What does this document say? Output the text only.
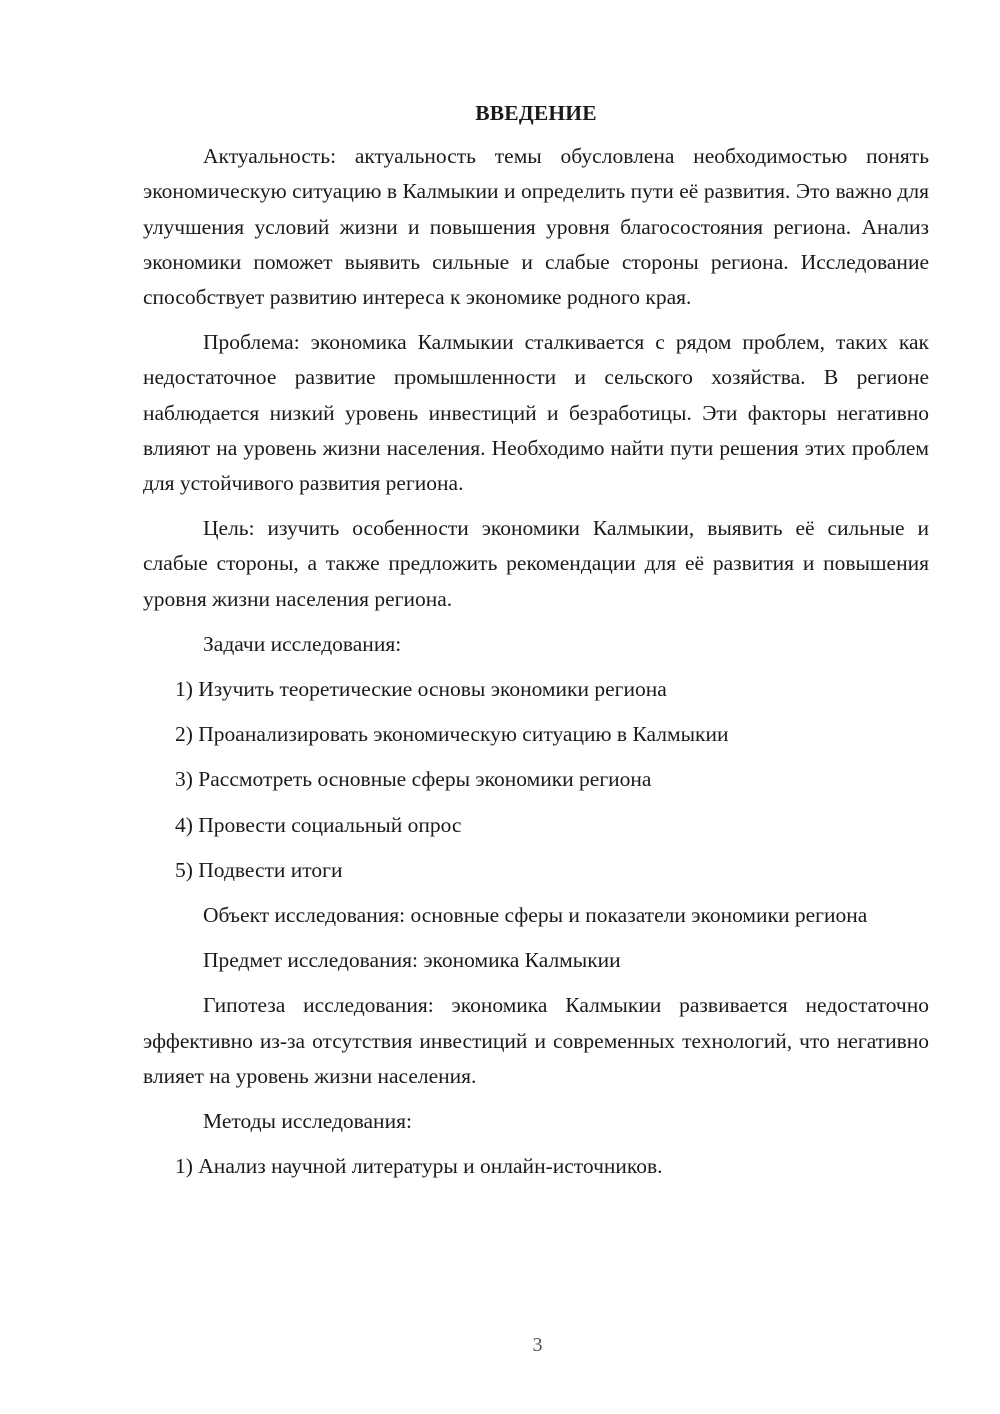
ВВЕДЕНИЕ

Актуальность: актуальность темы обусловлена необходимостью понять экономическую ситуацию в Калмыкии и определить пути её развития. Это важно для улучшения условий жизни и повышения уровня благосостояния региона. Анализ экономики поможет выявить сильные и слабые стороны региона. Исследование способствует развитию интереса к экономике родного края.

Проблема: экономика Калмыкии сталкивается с рядом проблем, таких как недостаточное развитие промышленности и сельского хозяйства. В регионе наблюдается низкий уровень инвестиций и безработицы. Эти факторы негативно влияют на уровень жизни населения. Необходимо найти пути решения этих проблем для устойчивого развития региона.

Цель: изучить особенности экономики Калмыкии, выявить её сильные и слабые стороны, а также предложить рекомендации для её развития и повышения уровня жизни населения региона.

Задачи исследования:

1) Изучить теоретические основы экономики региона

2) Проанализировать экономическую ситуацию в Калмыкии

3) Рассмотреть основные сферы экономики региона

4) Провести социальный опрос

5) Подвести итоги

Объект исследования: основные сферы и показатели экономики региона

Предмет исследования: экономика Калмыкии

Гипотеза исследования: экономика Калмыкии развивается недостаточно эффективно из-за отсутствия инвестиций и современных технологий, что негативно влияет на уровень жизни населения.

Методы исследования:

1) Анализ научной литературы и онлайн-источников.

3
